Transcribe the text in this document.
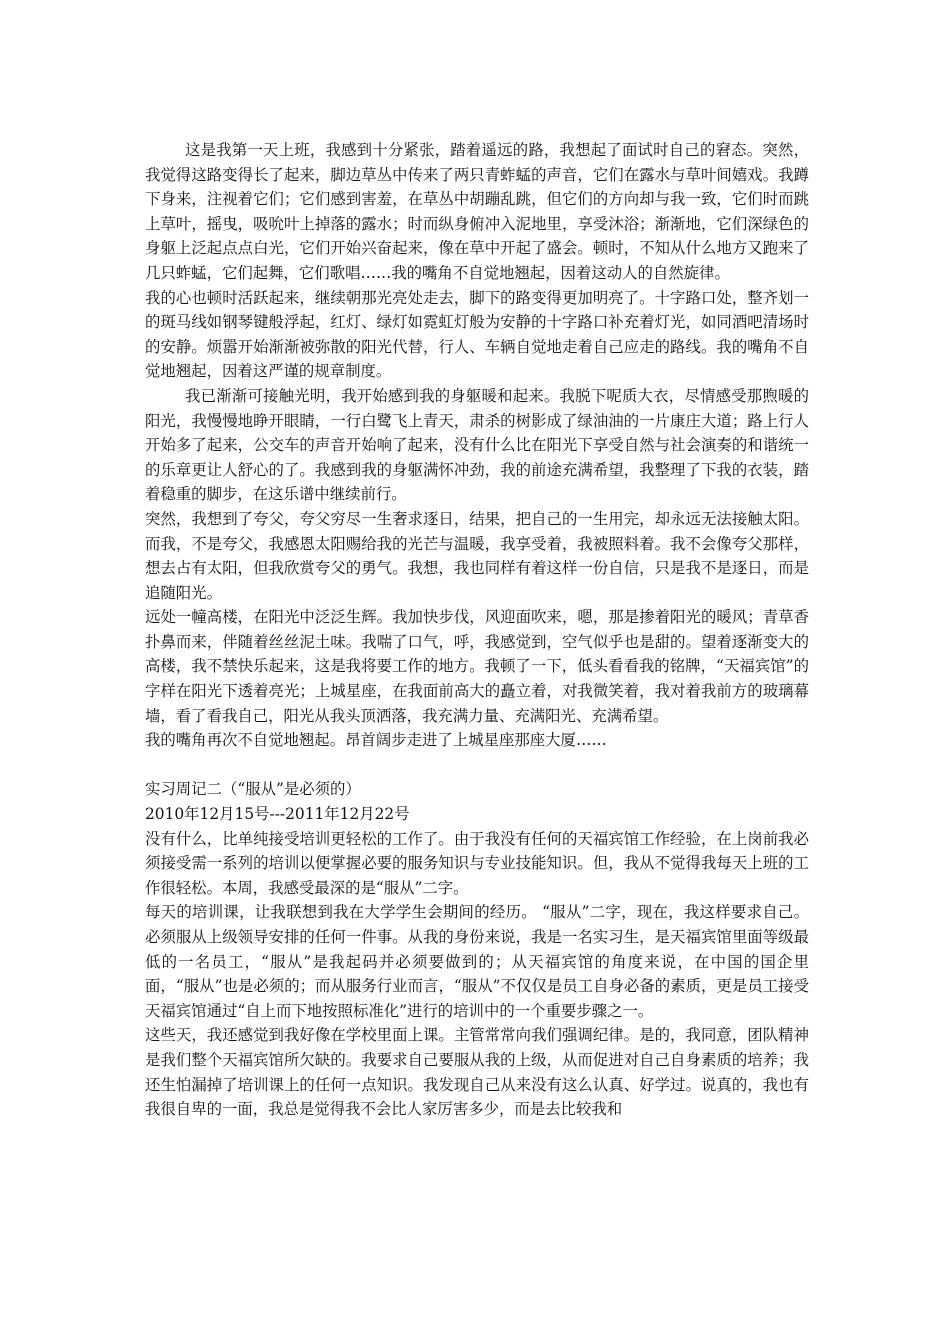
这是我第一天上班，我感到十分紧张，踏着遥远的路，我想起了面试时自己的窘态。突然，我觉得这路变得长了起来，脚边草丛中传来了两只青蚱蜢的声音，它们在露水与草叶间嬉戏。我蹲下身来，注视着它们；它们感到害羞，在草丛中胡蹦乱跳，但它们的方向却与我一致，它们时而跳上草叶，摇曳，吸吮叶上掉落的露水；时而纵身俯冲入泥地里，享受沐浴；渐渐地，它们深绿色的身躯上泛起点点白光，它们开始兴奋起来，像在草中开起了盛会。顿时，不知从什么地方又跑来了几只蚱蜢，它们起舞，它们歌唱……我的嘴角不自觉地翘起，因着这动人的自然旋律。

我的心也顿时活跃起来，继续朝那光亮处走去，脚下的路变得更加明亮了。十字路口处，整齐划一的斑马线如钢琴键般浮起，红灯、绿灯如霓虹灯般为安静的十字路口补充着灯光，如同酒吧清场时的安静。烦嚣开始渐渐被弥散的阳光代替，行人、车辆自觉地走着自己应走的路线。我的嘴角不自觉地翘起，因着这严谨的规章制度。

我已渐渐可接触光明，我开始感到我的身躯暖和起来。我脱下呢质大衣，尽情感受那煦暖的阳光，我慢慢地睁开眼睛，一行白鹭飞上青天，肃杀的树影成了绿油油的一片康庄大道；路上行人开始多了起来，公交车的声音开始响了起来，没有什么比在阳光下享受自然与社会演奏的和谐统一的乐章更让人舒心的了。我感到我的身躯满怀冲劲，我的前途充满希望，我整理了下我的衣装，踏着稳重的脚步，在这乐谱中继续前行。

突然，我想到了夸父，夸父穷尽一生奢求逐日，结果，把自己的一生用完，却永远无法接触太阳。而我，不是夸父，我感恩太阳赐给我的光芒与温暖，我享受着，我被照料着。我不会像夸父那样，想去占有太阳，但我欣赏夸父的勇气。我想，我也同样有着这样一份自信，只是我不是逐日，而是追随阳光。

远处一幢高楼，在阳光中泛泛生辉。我加快步伐，风迎面吹来，嗯，那是掺着阳光的暖风；青草香扑鼻而来，伴随着丝丝泥土味。我喘了口气，呼，我感觉到，空气似乎也是甜的。望着逐渐变大的高楼，我不禁快乐起来，这是我将要工作的地方。我顿了一下，低头看看我的铭牌，“天福宾馆”的字样在阳光下透着亮光；上城星座，在我面前高大的矗立着，对我微笑着，我对着我前方的玻璃幕墙，看了看我自己，阳光从我头顶洒落，我充满力量、充满阳光、充满希望。

我的嘴角再次不自觉地翘起。昂首阔步走进了上城星座那座大厦……

实习周记二（“服从”是必须的）

2010年12月15号---2011年12月22号

没有什么，比单纯接受培训更轻松的工作了。由于我没有任何的天福宾馆工作经验，在上岗前我必须接受需一系列的培训以便掌握必要的服务知识与专业技能知识。但，我从不觉得我每天上班的工作很轻松。本周，我感受最深的是“服从”二字。

每天的培训课，让我联想到我在大学学生会期间的经历。 “服从”二字，现在，我这样要求自己。必须服从上级领导安排的任何一件事。从我的身份来说，我是一名实习生，是天福宾馆里面等级最低的一名员工，“服从”是我起码并必须要做到的；从天福宾馆的角度来说，在中国的国企里面，“服从”也是必须的；而从服务行业而言，“服从”不仅仅是员工自身必备的素质，更是员工接受天福宾馆通过“自上而下地按照标准化”进行的培训中的一个重要步骤之一。

这些天，我还感觉到我好像在学校里面上课。主管常常向我们强调纪律。是的，我同意，团队精神是我们整个天福宾馆所欠缺的。我要求自己要服从我的上级，从而促进对自己自身素质的培养；我还生怕漏掉了培训课上的任何一点知识。我发现自己从来没有这么认真、好学过。说真的，我也有我很自卑的一面，我总是觉得我不会比人家厉害多少，而是去比较我和
